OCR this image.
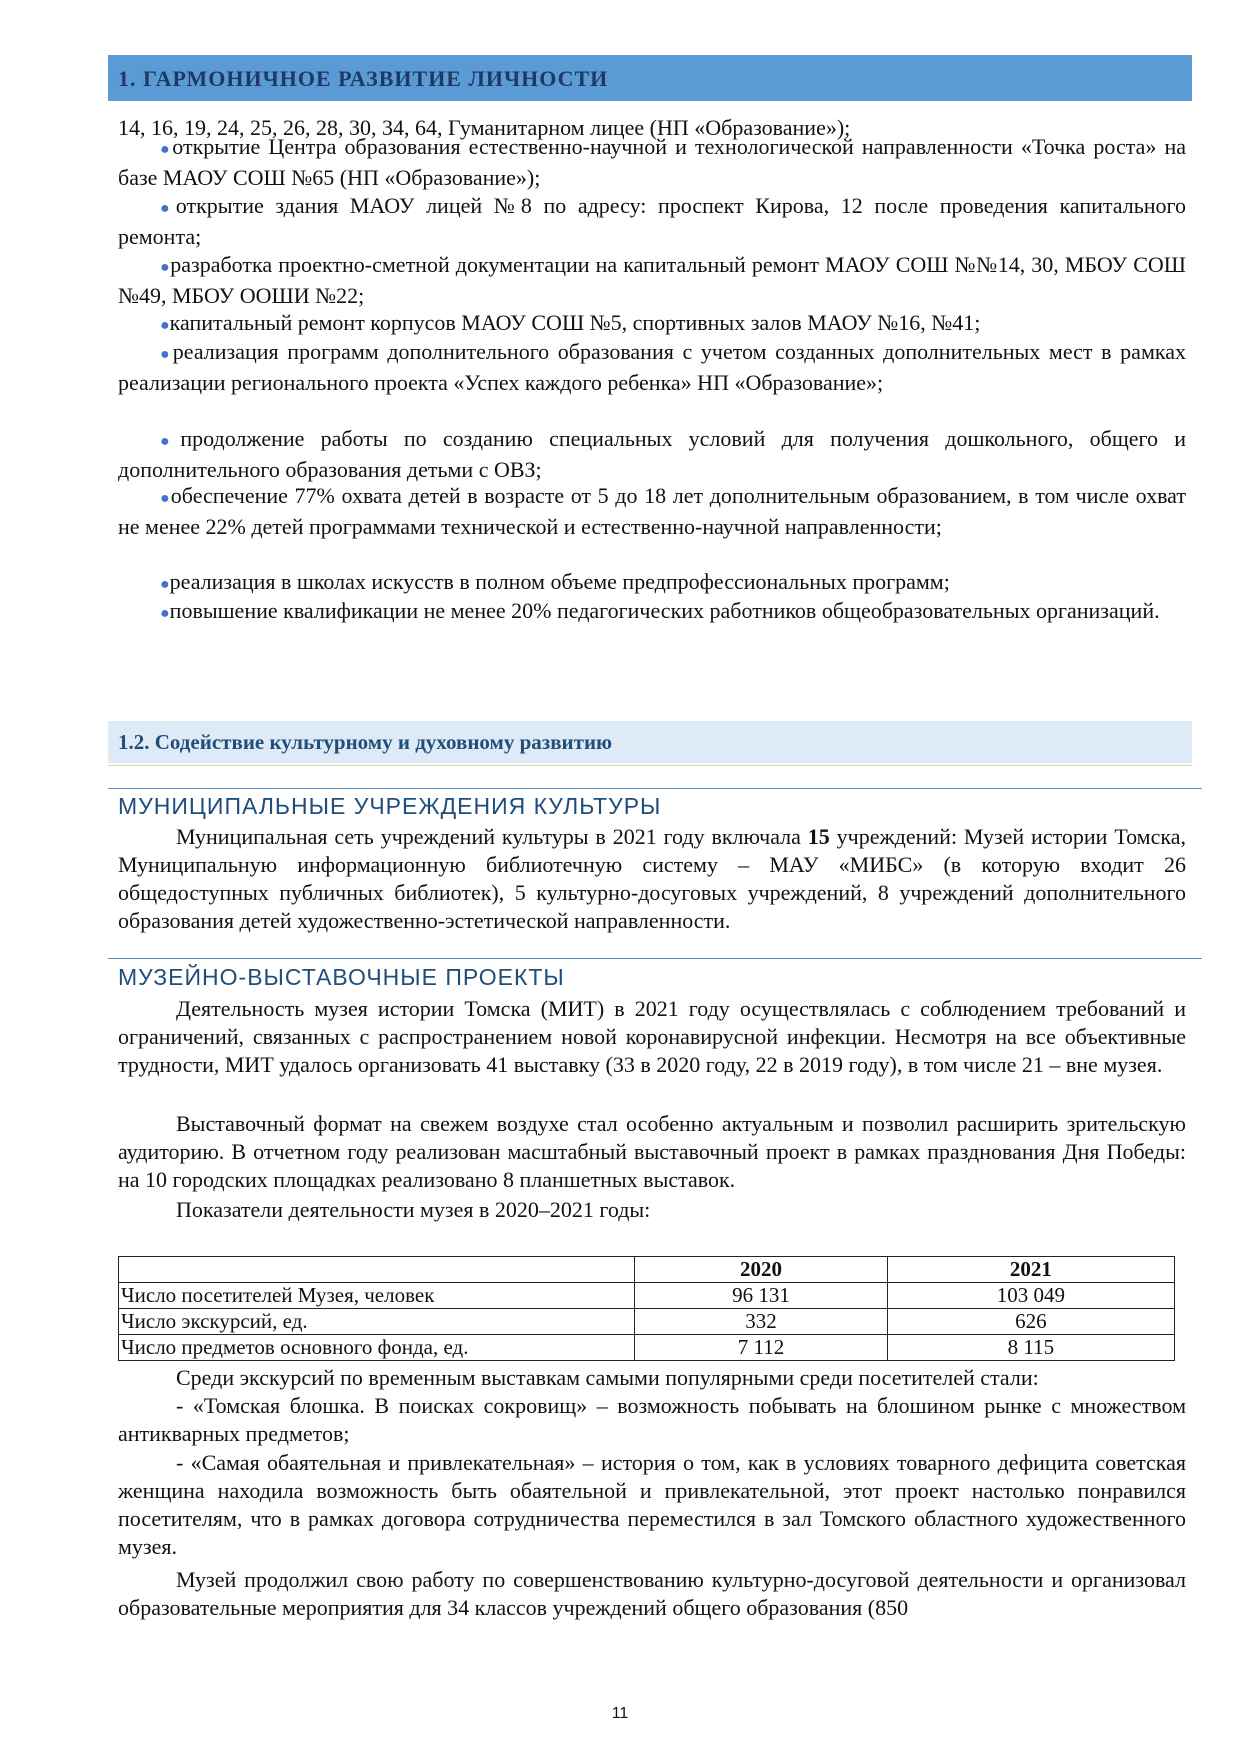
1. ГАРМОНИЧНОЕ РАЗВИТИЕ ЛИЧНОСТИ
14, 16, 19, 24, 25, 26, 28, 30, 34, 64, Гуманитарном лицее (НП «Образование»);
●открытие Центра образования естественно-научной и технологической направленности «Точка роста» на базе МАОУ СОШ №65 (НП «Образование»);
●открытие здания МАОУ лицей №8 по адресу: проспект Кирова, 12 после проведения капитального ремонта;
●разработка проектно-сметной документации на капитальный ремонт МАОУ СОШ №№14, 30, МБОУ СОШ №49, МБОУ ООШИ №22;
●капитальный ремонт корпусов МАОУ СОШ №5, спортивных залов МАОУ №16, №41;
●реализация программ дополнительного образования с учетом созданных дополнительных мест в рамках реализации регионального проекта «Успех каждого ребенка» НП «Образование»;
●продолжение работы по созданию специальных условий для получения дошкольного, общего и дополнительного образования детьми с ОВЗ;
●обеспечение 77% охвата детей в возрасте от 5 до 18 лет дополнительным образованием, в том числе охват не менее 22% детей программами технической и естественно-научной направленности;
●реализация в школах искусств в полном объеме предпрофессиональных программ;
●повышение квалификации не менее 20% педагогических работников общеобразовательных организаций.
1.2. Содействие культурному и духовному развитию
МУНИЦИПАЛЬНЫЕ УЧРЕЖДЕНИЯ КУЛЬТУРЫ
Муниципальная сеть учреждений культуры в 2021 году включала 15 учреждений: Музей истории Томска, Муниципальную информационную библиотечную систему – МАУ «МИБС» (в которую входит 26 общедоступных публичных библиотек), 5 культурно-досуговых учреждений, 8 учреждений дополнительного образования детей художественно-эстетической направленности.
МУЗЕЙНО-ВЫСТАВОЧНЫЕ ПРОЕКТЫ
Деятельность музея истории Томска (МИТ) в 2021 году осуществлялась с соблюдением требований и ограничений, связанных с распространением новой коронавирусной инфекции. Несмотря на все объективные трудности, МИТ удалось организовать 41 выставку (33 в 2020 году, 22 в 2019 году), в том числе 21 – вне музея.
Выставочный формат на свежем воздухе стал особенно актуальным и позволил расширить зрительскую аудиторию. В отчетном году реализован масштабный выставочный проект в рамках празднования Дня Победы: на 10 городских площадках реализовано 8 планшетных выставок.
Показатели деятельности музея в 2020–2021 годы:
	2020	2021
Число посетителей Музея, человек	96 131	103 049
Число экскурсий, ед.	332	626
Число предметов основного фонда, ед.	7 112	8 115
Среди экскурсий по временным выставкам самыми популярными среди посетителей стали:
- «Томская блошка. В поисках сокровищ» – возможность побывать на блошином рынке с множеством антикварных предметов;
- «Самая обаятельная и привлекательная» – история о том, как в условиях товарного дефицита советская женщина находила возможность быть обаятельной и привлекательной, этот проект настолько понравился посетителям, что в рамках договора сотрудничества переместился в зал Томского областного художественного музея.
Музей продолжил свою работу по совершенствованию культурно-досуговой деятельности и организовал образовательные мероприятия для 34 классов учреждений общего образования (850
11
